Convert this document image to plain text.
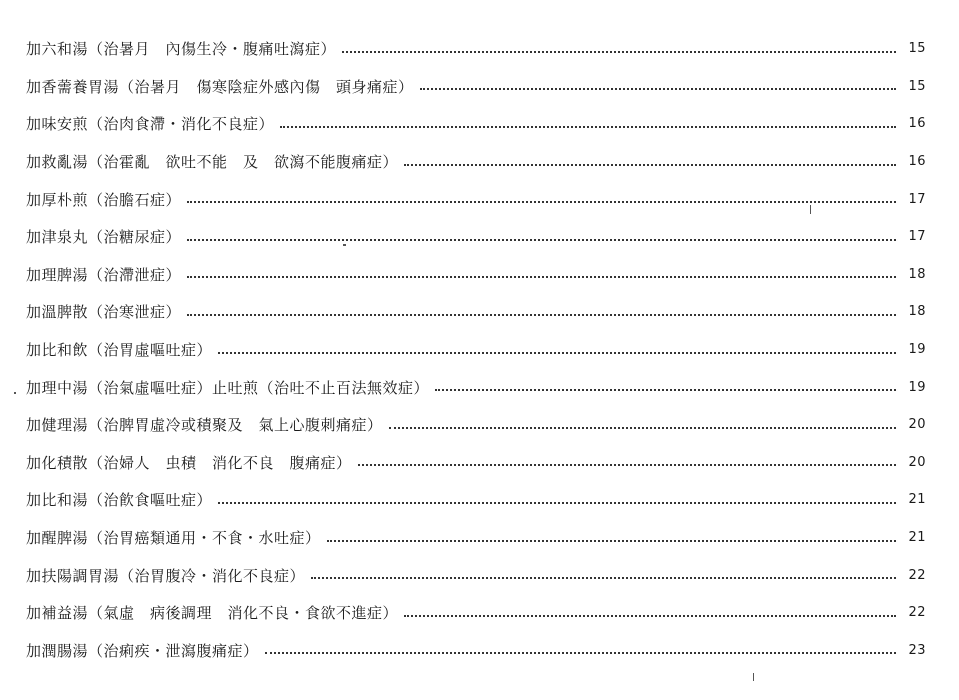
加六和湯（治暑月　內傷生冷・腹痛吐瀉症）	15
加香薷養胃湯（治暑月　傷寒陰症外感內傷　頭身痛症）	15
加味安煎（治肉食滯・消化不良症）	16
加救亂湯（治霍亂　欲吐不能　及　欲瀉不能腹痛症）	16
加厚朴煎（治膽石症）	17
加津泉丸（治糖尿症）	17
加理脾湯（治滯泄症）	18
加溫脾散（治寒泄症）	18
加比和飲（治胃虛嘔吐症）	19
加理中湯（治氣虛嘔吐症）止吐煎（治吐不止百法無效症）	19
加健理湯（治脾胃虛冷或積聚及　氣上心腹刺痛症）	20
加化積散（治婦人　虫積　消化不良　腹痛症）	20
加比和湯（治飮食嘔吐症）	21
加醒脾湯（治胃癌類通用・不食・水吐症）	21
加扶陽調胃湯（治胃腹冷・消化不良症）	22
加補益湯（氣虛　病後調理　消化不良・食欲不進症）	22
加潤腸湯（治痢疾・泄瀉腹痛症）	23
